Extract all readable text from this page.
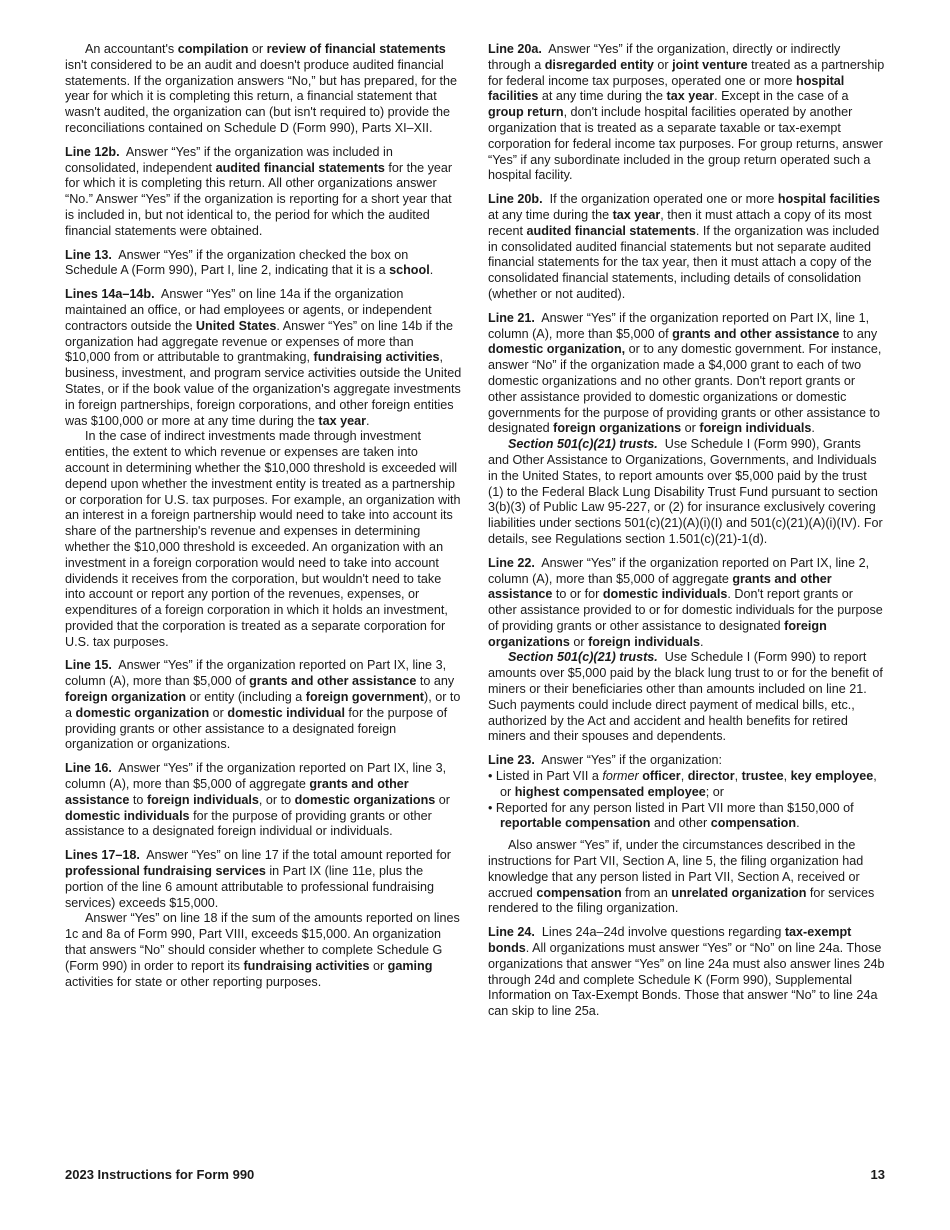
An accountant's compilation or review of financial statements isn't considered to be an audit and doesn't produce audited financial statements. If the organization answers “No,” but has prepared, for the year for which it is completing this return, a financial statement that wasn't audited, the organization can (but isn't required to) provide the reconciliations contained on Schedule D (Form 990), Parts XI–XII.

Line 12b. Answer “Yes” if the organization was included in consolidated, independent audited financial statements for the year for which it is completing this return. All other organizations answer “No.” Answer “Yes” if the organization is reporting for a short year that is included in, but not identical to, the period for which the audited financial statements were obtained.

Line 13. Answer “Yes” if the organization checked the box on Schedule A (Form 990), Part I, line 2, indicating that it is a school.

Lines 14a–14b. Answer “Yes” on line 14a if the organization maintained an office, or had employees or agents, or independent contractors outside the United States. Answer “Yes” on line 14b if the organization had aggregate revenue or expenses of more than $10,000 from or attributable to grantmaking, fundraising activities, business, investment, and program service activities outside the United States, or if the book value of the organization's aggregate investments in foreign partnerships, foreign corporations, and other foreign entities was $100,000 or more at any time during the tax year.

In the case of indirect investments made through investment entities, the extent to which revenue or expenses are taken into account in determining whether the $10,000 threshold is exceeded will depend upon whether the investment entity is treated as a partnership or corporation for U.S. tax purposes. For example, an organization with an interest in a foreign partnership would need to take into account its share of the partnership's revenue and expenses in determining whether the $10,000 threshold is exceeded. An organization with an investment in a foreign corporation would need to take into account dividends it receives from the corporation, but wouldn't need to take into account or report any portion of the revenues, expenses, or expenditures of a foreign corporation in which it holds an investment, provided that the corporation is treated as a separate corporation for U.S. tax purposes.

Line 15. Answer “Yes” if the organization reported on Part IX, line 3, column (A), more than $5,000 of grants and other assistance to any foreign organization or entity (including a foreign government), or to a domestic organization or domestic individual for the purpose of providing grants or other assistance to a designated foreign organization or organizations.

Line 16. Answer “Yes” if the organization reported on Part IX, line 3, column (A), more than $5,000 of aggregate grants and other assistance to foreign individuals, or to domestic organizations or domestic individuals for the purpose of providing grants or other assistance to a designated foreign individual or individuals.

Lines 17–18. Answer “Yes” on line 17 if the total amount reported for professional fundraising services in Part IX (line 11e, plus the portion of the line 6 amount attributable to professional fundraising services) exceeds $15,000.

Answer “Yes” on line 18 if the sum of the amounts reported on lines 1c and 8a of Form 990, Part VIII, exceeds $15,000. An organization that answers “No” should consider whether to complete Schedule G (Form 990) in order to report its fundraising activities or gaming activities for state or other reporting purposes.

Line 20a. Answer “Yes” if the organization, directly or indirectly through a disregarded entity or joint venture treated as a partnership for federal income tax purposes, operated one or more hospital facilities at any time during the tax year. Except in the case of a group return, don't include hospital facilities operated by another organization that is treated as a separate taxable or tax-exempt corporation for federal income tax purposes. For group returns, answer “Yes” if any subordinate included in the group return operated such a hospital facility.

Line 20b. If the organization operated one or more hospital facilities at any time during the tax year, then it must attach a copy of its most recent audited financial statements. If the organization was included in consolidated audited financial statements but not separate audited financial statements for the tax year, then it must attach a copy of the consolidated financial statements, including details of consolidation (whether or not audited).

Line 21. Answer “Yes” if the organization reported on Part IX, line 1, column (A), more than $5,000 of grants and other assistance to any domestic organization, or to any domestic government. For instance, answer “No” if the organization made a $4,000 grant to each of two domestic organizations and no other grants. Don't report grants or other assistance provided to domestic organizations or domestic governments for the purpose of providing grants or other assistance to designated foreign organizations or foreign individuals.

Section 501(c)(21) trusts. Use Schedule I (Form 990), Grants and Other Assistance to Organizations, Governments, and Individuals in the United States, to report amounts over $5,000 paid by the trust (1) to the Federal Black Lung Disability Trust Fund pursuant to section 3(b)(3) of Public Law 95-227, or (2) for insurance exclusively covering liabilities under sections 501(c)(21)(A)(i)(I) and 501(c)(21)(A)(i)(IV). For details, see Regulations section 1.501(c)(21)-1(d).

Line 22. Answer “Yes” if the organization reported on Part IX, line 2, column (A), more than $5,000 of aggregate grants and other assistance to or for domestic individuals. Don't report grants or other assistance provided to or for domestic individuals for the purpose of providing grants or other assistance to designated foreign organizations or foreign individuals.

Section 501(c)(21) trusts. Use Schedule I (Form 990) to report amounts over $5,000 paid by the black lung trust to or for the benefit of miners or their beneficiaries other than amounts included on line 21. Such payments could include direct payment of medical bills, etc., authorized by the Act and accident and health benefits for retired miners and their spouses and dependents.

Line 23. Answer “Yes” if the organization:

• Listed in Part VII a former officer, director, trustee, key employee, or highest compensated employee; or

• Reported for any person listed in Part VII more than $150,000 of reportable compensation and other compensation.

Also answer “Yes” if, under the circumstances described in the instructions for Part VII, Section A, line 5, the filing organization had knowledge that any person listed in Part VII, Section A, received or accrued compensation from an unrelated organization for services rendered to the filing organization.

Line 24. Lines 24a–24d involve questions regarding tax-exempt bonds. All organizations must answer “Yes” or “No” on line 24a. Those organizations that answer “Yes” on line 24a must also answer lines 24b through 24d and complete Schedule K (Form 990), Supplemental Information on Tax-Exempt Bonds. Those that answer “No” to line 24a can skip to line 25a.

2023 Instructions for Form 990	13
